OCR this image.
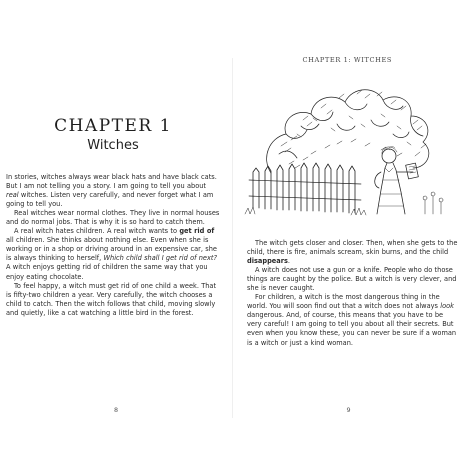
CHAPTER 1
Witches

In stories, witches always wear black hats and have black cats. But I am not telling you a story. I am going to tell you about real witches. Listen very carefully, and never forget what I am going to tell you.

Real witches wear normal clothes. They live in normal houses and do normal jobs. That is why it is so hard to catch them.

A real witch hates children. A real witch wants to get rid of all children. She thinks about nothing else. Even when she is working or in a shop or driving around in an expensive car, she is always thinking to herself, Which child shall I get rid of next? A witch enjoys getting rid of children the same way that you enjoy eating chocolate.

To feel happy, a witch must get rid of one child a week. That is fifty-two children a year. Very carefully, the witch chooses a child to catch. Then the witch follows that child, moving slowly and quietly, like a cat watching a little bird in the forest.

8
CHAPTER 1: WITCHES

The witch gets closer and closer. Then, when she gets to the child, there is fire, animals scream, skin burns, and the child disappears.

A witch does not use a gun or a knife. People who do those things are caught by the police. But a witch is very clever, and she is never caught.

For children, a witch is the most dangerous thing in the world. You will soon find out that a witch does not always look dangerous. And, of course, this means that you have to be very careful! I am going to tell you about all their secrets. But even when you know these, you can never be sure if a woman is a witch or just a kind woman.

9
